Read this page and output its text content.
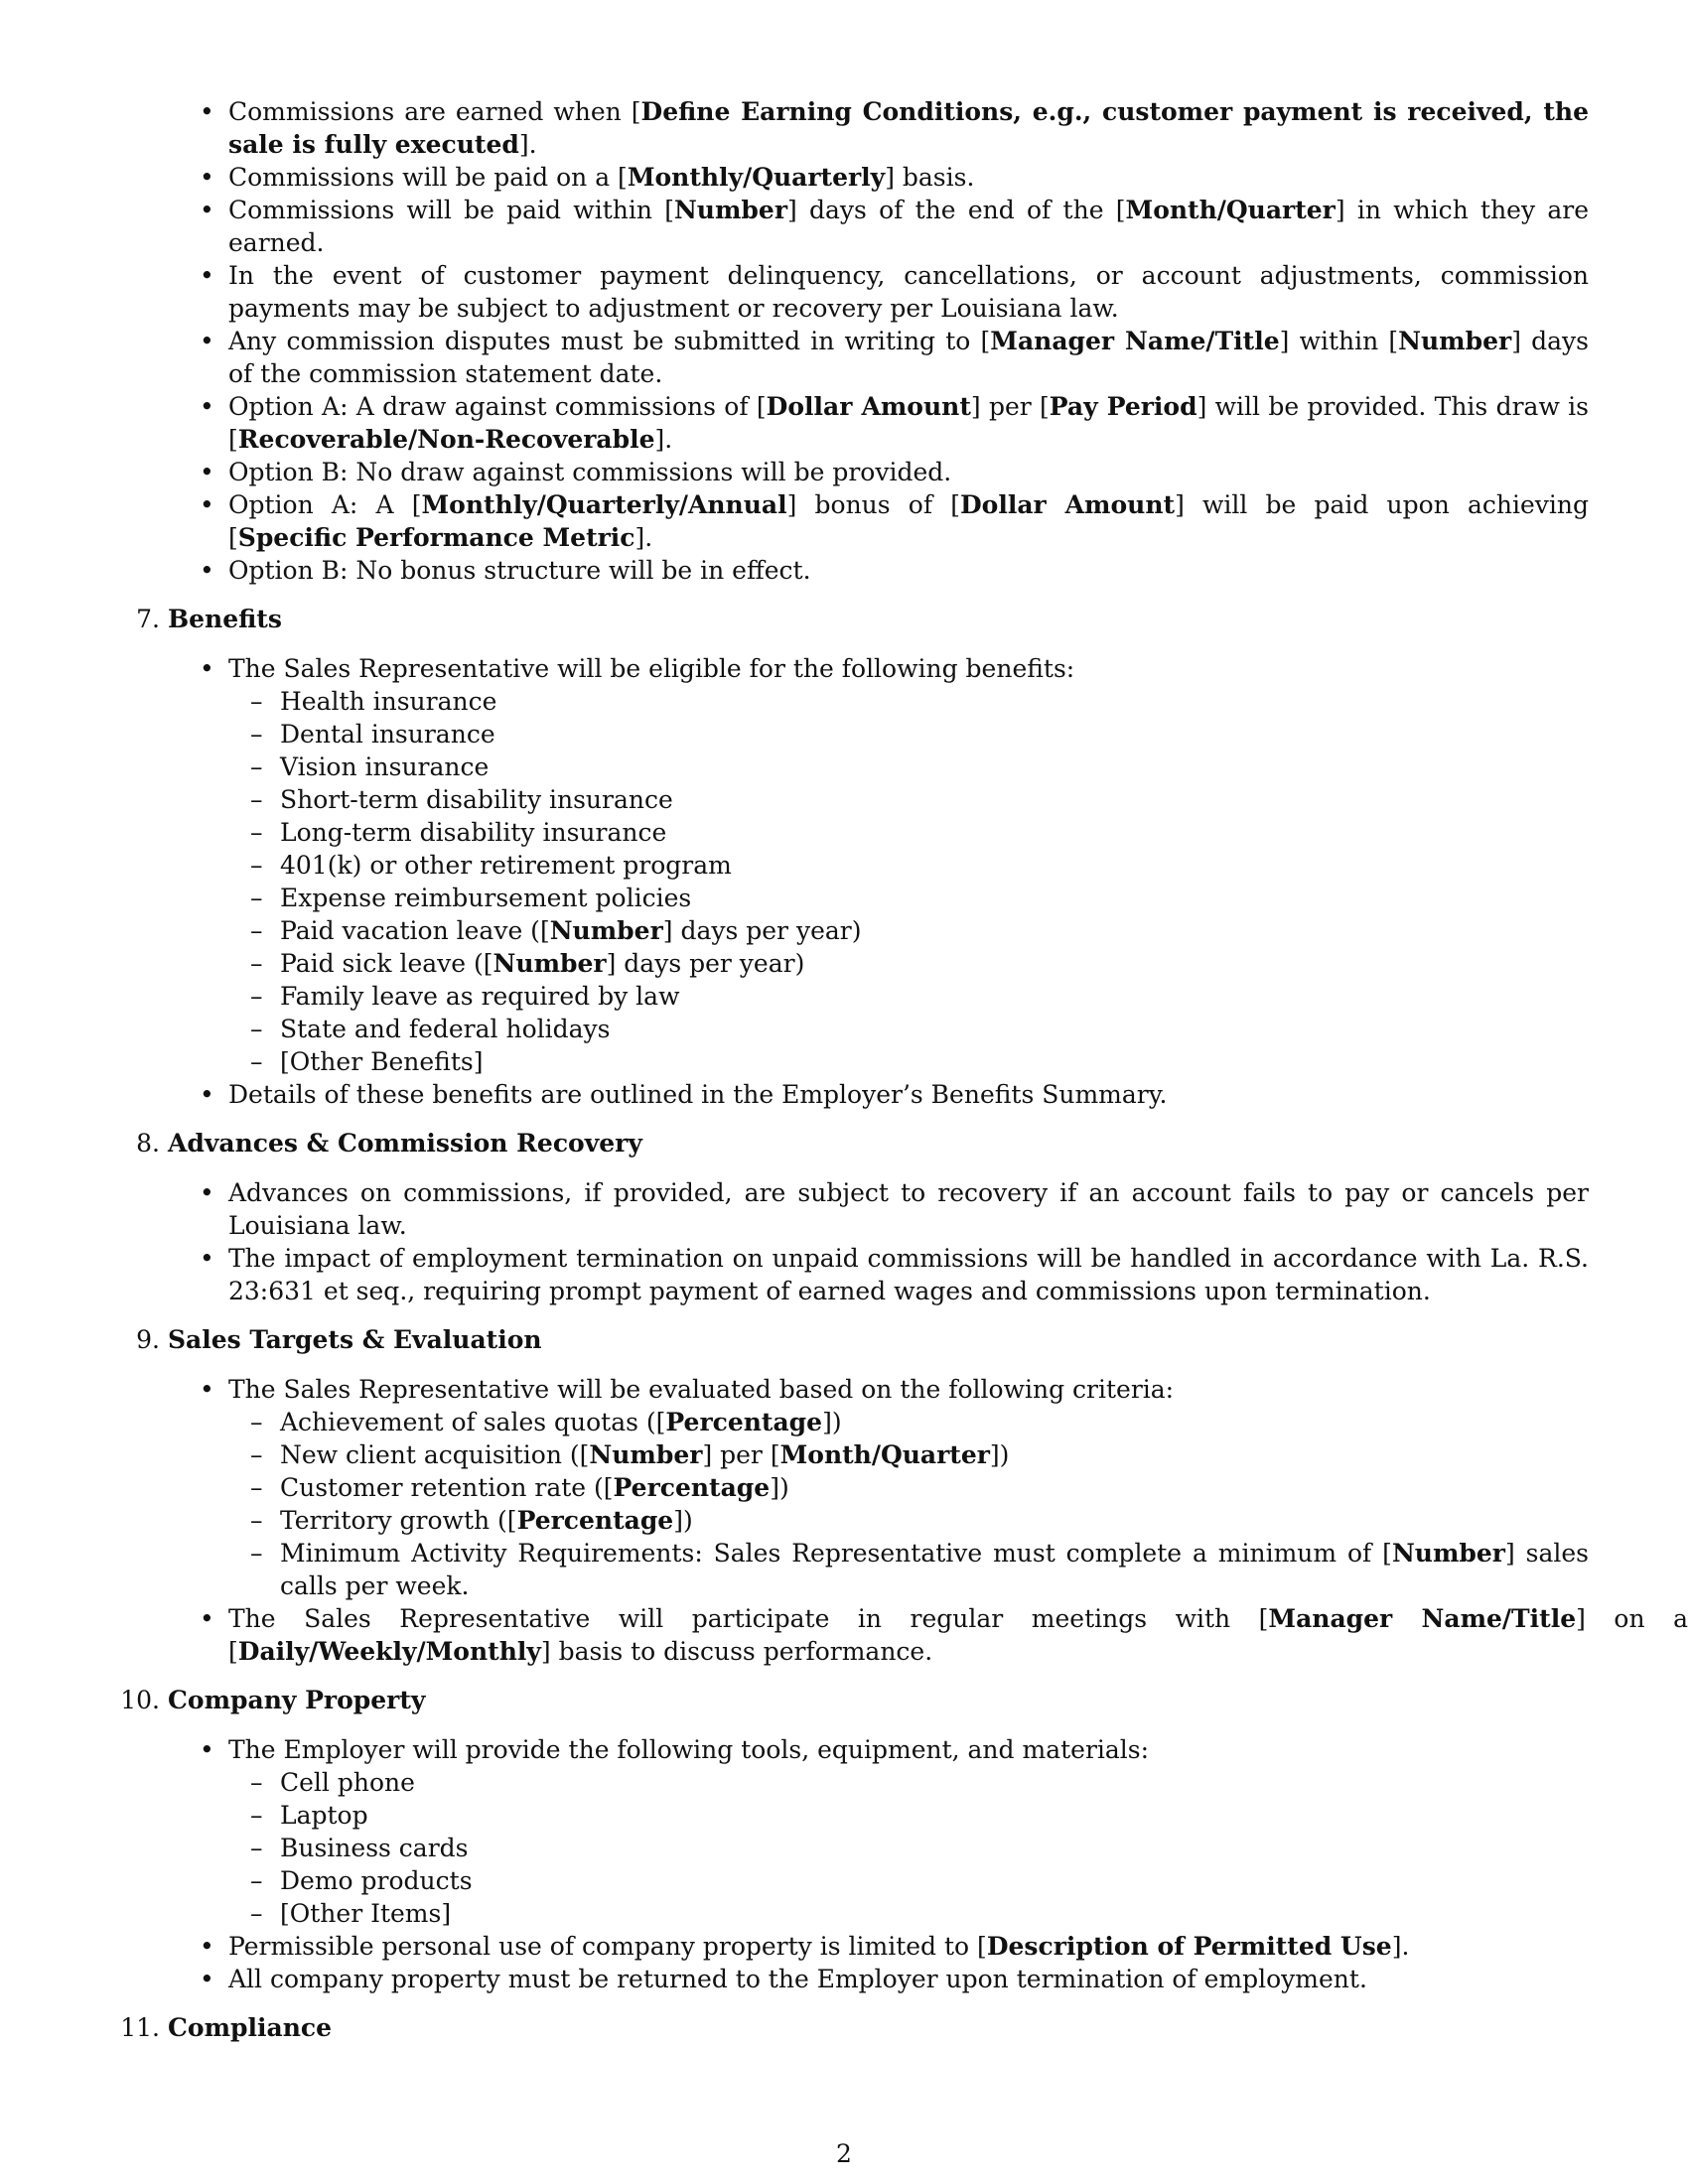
• Commissions are earned when [Define Earning Conditions, e.g., customer payment is received, the sale is fully executed].
• Commissions will be paid on a [Monthly/Quarterly] basis.
• Commissions will be paid within [Number] days of the end of the [Month/Quarter] in which they are earned.
• In the event of customer payment delinquency, cancellations, or account adjustments, commission payments may be subject to adjustment or recovery per Louisiana law.
• Any commission disputes must be submitted in writing to [Manager Name/Title] within [Number] days of the commission statement date.
• Option A: A draw against commissions of [Dollar Amount] per [Pay Period] will be provided. This draw is [Recoverable/Non-Recoverable].
• Option B: No draw against commissions will be provided.
• Option A: A [Monthly/Quarterly/Annual] bonus of [Dollar Amount] will be paid upon achieving [Specific Performance Metric].
• Option B: No bonus structure will be in effect.
7. Benefits
• The Sales Representative will be eligible for the following benefits:
– Health insurance
– Dental insurance
– Vision insurance
– Short-term disability insurance
– Long-term disability insurance
– 401(k) or other retirement program
– Expense reimbursement policies
– Paid vacation leave ([Number] days per year)
– Paid sick leave ([Number] days per year)
– Family leave as required by law
– State and federal holidays
– [Other Benefits]
• Details of these benefits are outlined in the Employer’s Benefits Summary.
8. Advances & Commission Recovery
• Advances on commissions, if provided, are subject to recovery if an account fails to pay or cancels per Louisiana law.
• The impact of employment termination on unpaid commissions will be handled in accordance with La. R.S. 23:631 et seq., requiring prompt payment of earned wages and commissions upon termination.
9. Sales Targets & Evaluation
• The Sales Representative will be evaluated based on the following criteria:
– Achievement of sales quotas ([Percentage])
– New client acquisition ([Number] per [Month/Quarter])
– Customer retention rate ([Percentage])
– Territory growth ([Percentage])
– Minimum Activity Requirements: Sales Representative must complete a minimum of [Number] sales calls per week.
• The Sales Representative will participate in regular meetings with [Manager Name/Title] on a [Daily/Weekly/Monthly] basis to discuss performance.
10. Company Property
• The Employer will provide the following tools, equipment, and materials:
– Cell phone
– Laptop
– Business cards
– Demo products
– [Other Items]
• Permissible personal use of company property is limited to [Description of Permitted Use].
• All company property must be returned to the Employer upon termination of employment.
11. Compliance
2
